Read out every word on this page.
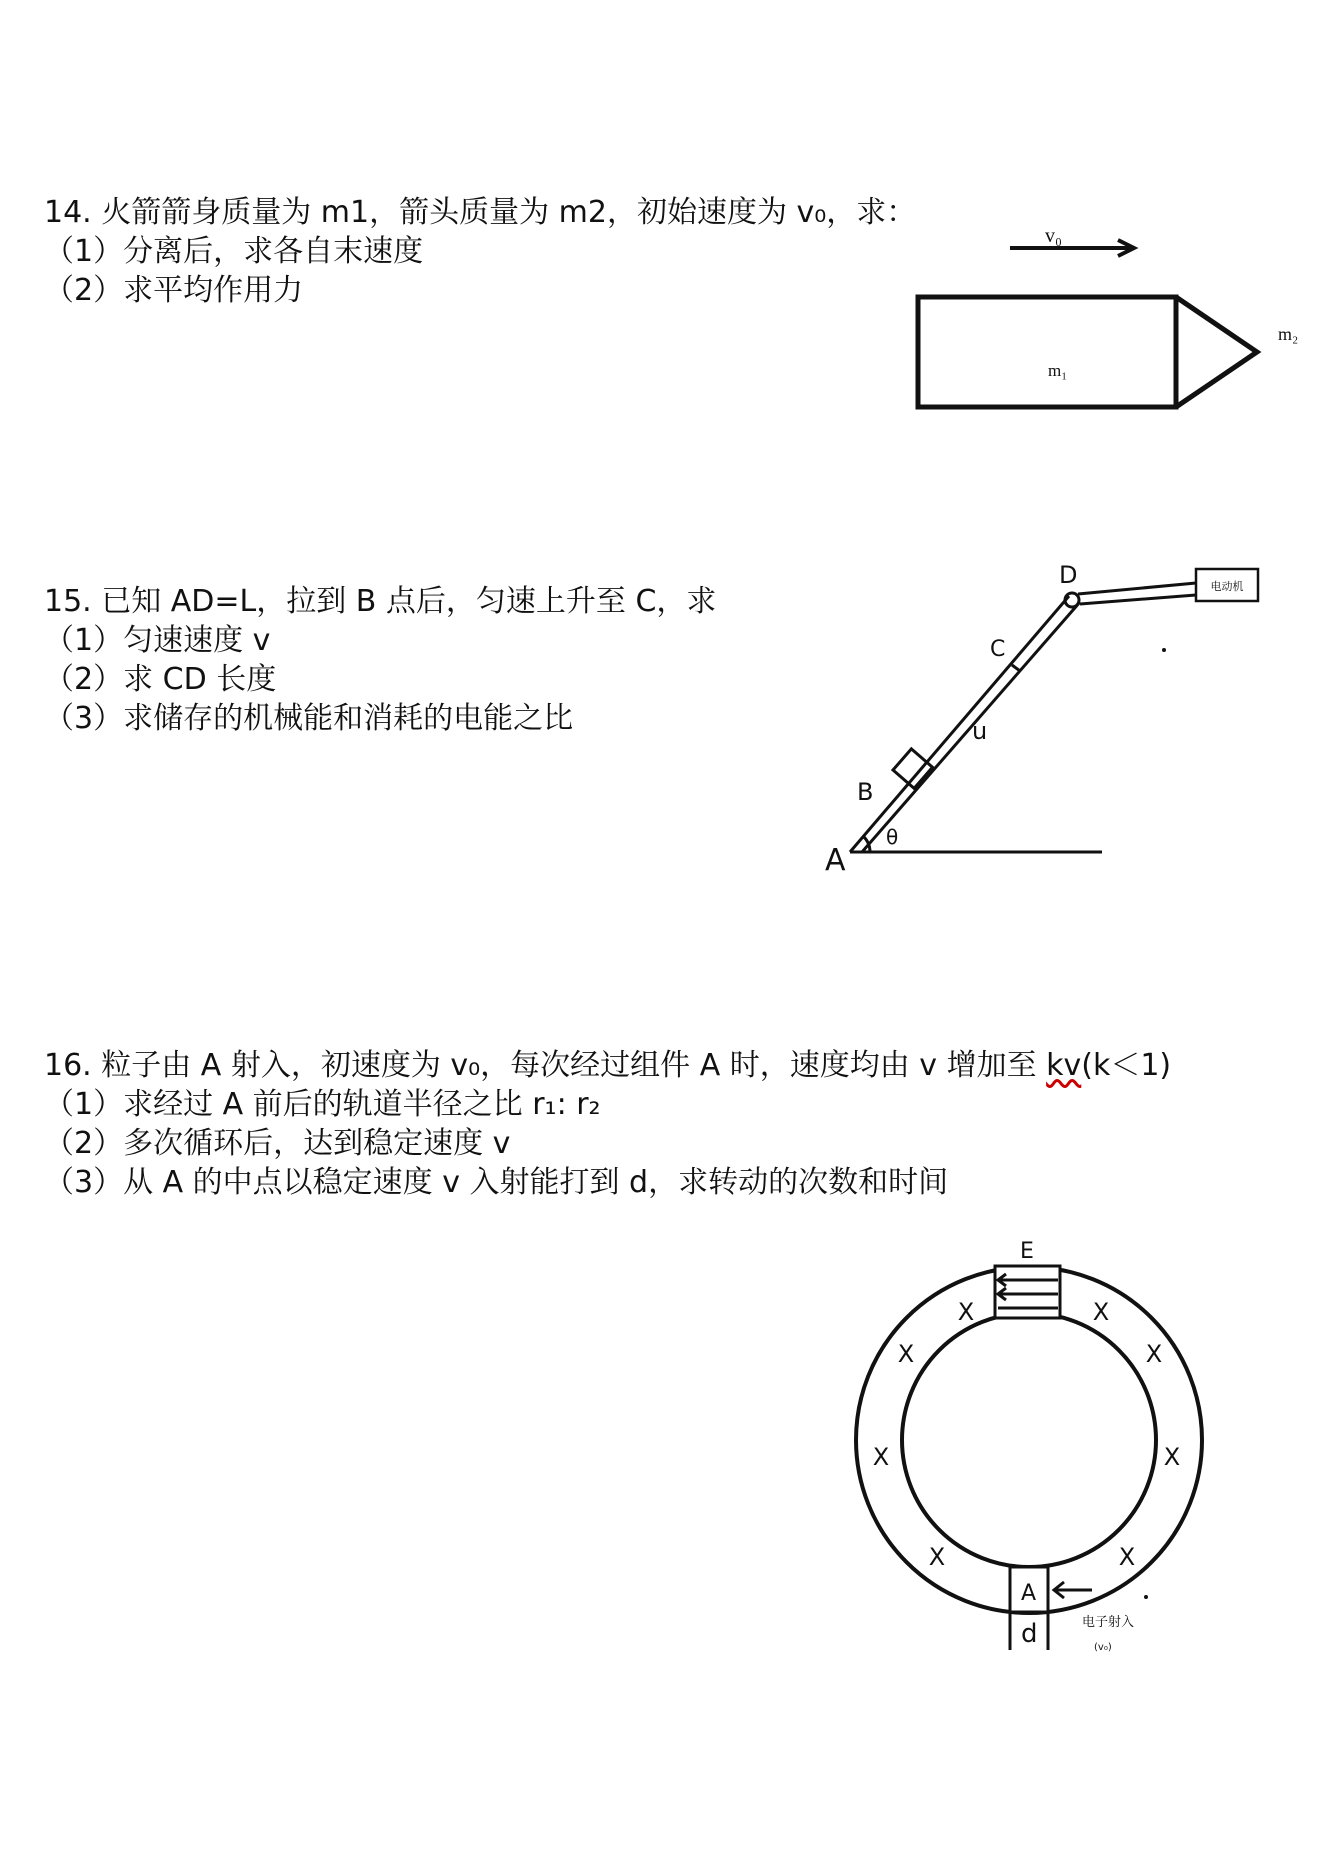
14. 火箭箭身质量为 m1，箭头质量为 m2，初始速度为 v₀，求：
（1）分离后，求各自末速度
（2）求平均作用力
15. 已知 AD=L，拉到 B 点后，匀速上升至 C，求
（1）匀速速度 v
（2）求 CD 长度
（3）求储存的机械能和消耗的电能之比
16. 粒子由 A 射入，初速度为 v₀，每次经过组件 A 时，速度均由 v 增加至 kv(k＜1)
（1）求经过 A 前后的轨道半径之比 r₁: r₂
（2）多次循环后，达到稳定速度 v
（3）从 A 的中点以稳定速度 v 入射能打到 d，求转动的次数和时间
v₀
m₁
m₂
D
C
u
B
A
θ
电动机
E
A
d	电子射入
(v₀)
X	X
X	X
X	X
X	X
